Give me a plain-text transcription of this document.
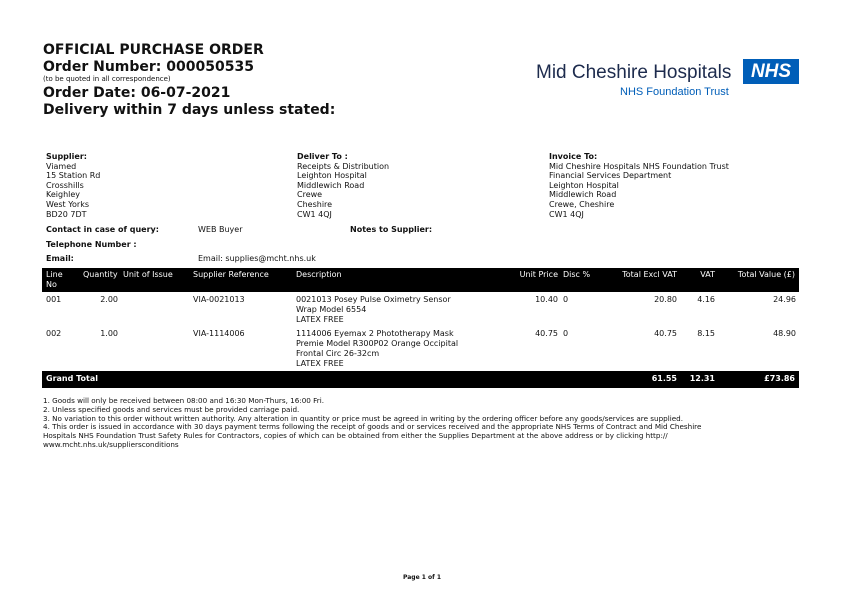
OFFICIAL PURCHASE ORDER
Order Number: 000050535
(to be quoted in all correspondence)
Order Date: 06-07-2021
Delivery within 7 days unless stated:
Mid Cheshire Hospitals	NHS
NHS Foundation Trust
Supplier:
Viamed
15 Station Rd
Crosshills
Keighley
West Yorks
BD20 7DT
Deliver To :
Receipts & Distribution
Leighton Hospital
Middlewich Road
Crewe
Cheshire
CW1 4QJ
Invoice To:
Mid Cheshire Hospitals NHS Foundation Trust
Financial Services Department
Leighton Hospital
Middlewich Road
Crewe, Cheshire
CW1 4QJ
Contact in case of query:	WEB Buyer	Notes to Supplier:
Telephone Number :
Email:	Email: supplies@mcht.nhs.uk
Line
No
Quantity Unit of Issue	Supplier Reference	Description	Unit Price Disc %	Total Excl VAT	VAT	Total Value (£)
001	2.00	VIA-0021013	0021013 Posey Pulse Oximetry Sensor
Wrap Model 6554
LATEX FREE
10.40 0	20.80	4.16	24.96
002	1.00	VIA-1114006	1114006 Eyemax 2 Phototherapy Mask
Premie Model R300P02 Orange Occipital
Frontal Circ 26-32cm
LATEX FREE
40.75 0	40.75	8.15	48.90
Grand Total	61.55	12.31	£73.86
1. Goods will only be received between 08:00 and 16:30 Mon-Thurs, 16:00 Fri.
2. Unless specified goods and services must be provided carriage paid.
3. No variation to this order without written authority. Any alteration in quantity or price must be agreed in writing by the ordering officer before any goods/services are supplied.
4. This order is issued in accordance with 30 days payment terms following the receipt of goods and or services received and the appropriate NHS Terms of Contract and Mid Cheshire
Hospitals NHS Foundation Trust Safety Rules for Contractors, copies of which can be obtained from either the Supplies Department at the above address or by clicking http://
www.mcht.nhs.uk/suppliersconditions
Page 1 of 1
